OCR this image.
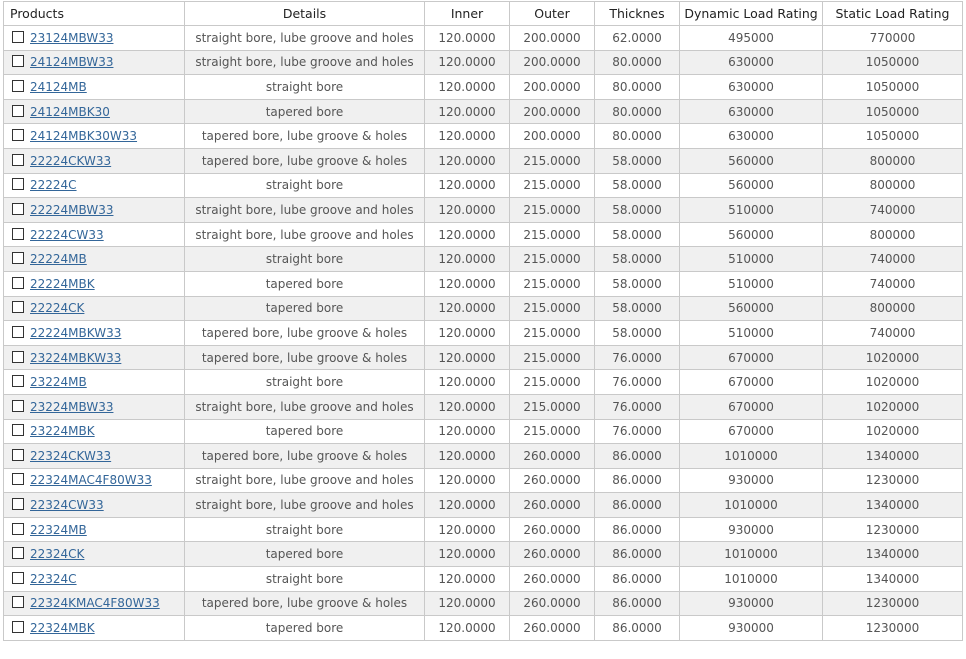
Products	Details	Inner	Outer	Thicknes	Dynamic Load Rating	Static Load Rating
23124MBW33	straight bore, lube groove and holes	120.0000	200.0000	62.0000	495000	770000
24124MBW33	straight bore, lube groove and holes	120.0000	200.0000	80.0000	630000	1050000
24124MB	straight bore	120.0000	200.0000	80.0000	630000	1050000
24124MBK30	tapered bore	120.0000	200.0000	80.0000	630000	1050000
24124MBK30W33	tapered bore, lube groove & holes	120.0000	200.0000	80.0000	630000	1050000
22224CKW33	tapered bore, lube groove & holes	120.0000	215.0000	58.0000	560000	800000
22224C	straight bore	120.0000	215.0000	58.0000	560000	800000
22224MBW33	straight bore, lube groove and holes	120.0000	215.0000	58.0000	510000	740000
22224CW33	straight bore, lube groove and holes	120.0000	215.0000	58.0000	560000	800000
22224MB	straight bore	120.0000	215.0000	58.0000	510000	740000
22224MBK	tapered bore	120.0000	215.0000	58.0000	510000	740000
22224CK	tapered bore	120.0000	215.0000	58.0000	560000	800000
22224MBKW33	tapered bore, lube groove & holes	120.0000	215.0000	58.0000	510000	740000
23224MBKW33	tapered bore, lube groove & holes	120.0000	215.0000	76.0000	670000	1020000
23224MB	straight bore	120.0000	215.0000	76.0000	670000	1020000
23224MBW33	straight bore, lube groove and holes	120.0000	215.0000	76.0000	670000	1020000
23224MBK	tapered bore	120.0000	215.0000	76.0000	670000	1020000
22324CKW33	tapered bore, lube groove & holes	120.0000	260.0000	86.0000	1010000	1340000
22324MAC4F80W33	straight bore, lube groove and holes	120.0000	260.0000	86.0000	930000	1230000
22324CW33	straight bore, lube groove and holes	120.0000	260.0000	86.0000	1010000	1340000
22324MB	straight bore	120.0000	260.0000	86.0000	930000	1230000
22324CK	tapered bore	120.0000	260.0000	86.0000	1010000	1340000
22324C	straight bore	120.0000	260.0000	86.0000	1010000	1340000
22324KMAC4F80W33	tapered bore, lube groove & holes	120.0000	260.0000	86.0000	930000	1230000
22324MBK	tapered bore	120.0000	260.0000	86.0000	930000	1230000
